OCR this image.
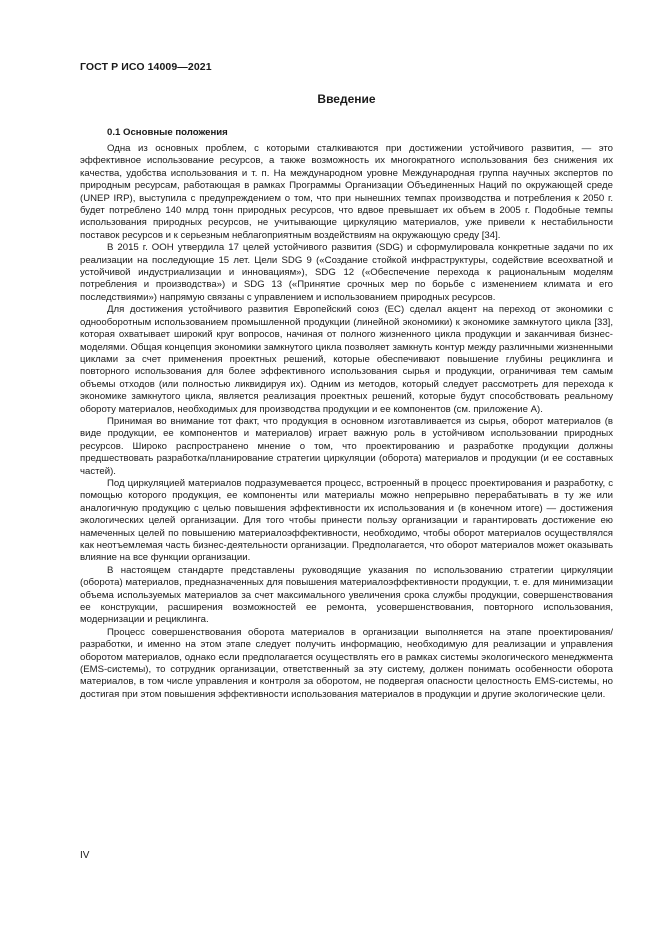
ГОСТ Р ИСО 14009—2021
Введение
0.1 Основные положения

Одна из основных проблем, с которыми сталкиваются при достижении устойчивого развития, — это эффективное использование ресурсов, а также возможность их многократного использования без снижения их качества, удобства использования и т. п. На международном уровне Международная группа научных экспертов по природным ресурсам, работающая в рамках Программы Организации Объединенных Наций по окружающей среде (UNEP IRP), выступила с предупреждением о том, что при нынешних темпах производства и потребления к 2050 г. будет потреблено 140 млрд тонн природных ресурсов, что вдвое превышает их объем в 2005 г. Подобные темпы использования природных ресурсов, не учитывающие циркуляцию материалов, уже привели к нестабильности поставок ресурсов и к серьезным неблагоприятным воздействиям на окружающую среду [34].

В 2015 г. ООН утвердила 17 целей устойчивого развития (SDG) и сформулировала конкретные задачи по их реализации на последующие 15 лет. Цели SDG 9 («Создание стойкой инфраструктуры, содействие всеохватной и устойчивой индустриализации и инновациям»), SDG 12 («Обеспечение перехода к рациональным моделям потребления и производства») и SDG 13 («Принятие срочных мер по борьбе с изменением климата и его последствиями») напрямую связаны с управлением и использованием природных ресурсов.

Для достижения устойчивого развития Европейский союз (ЕС) сделал акцент на переход от экономики с однооборотным использованием промышленной продукции (линейной экономики) к экономике замкнутого цикла [33], которая охватывает широкий круг вопросов, начиная от полного жизненного цикла продукции и заканчивая бизнес-моделями. Общая концепция экономики замкнутого цикла позволяет замкнуть контур между различными жизненными циклами за счет применения проектных решений, которые обеспечивают повышение глубины рециклинга и повторного использования для более эффективного использования сырья и продукции, ограничивая тем самым объемы отходов (или полностью ликвидируя их). Одним из методов, который следует рассмотреть для перехода к экономике замкнутого цикла, является реализация проектных решений, которые будут способствовать реальному обороту материалов, необходимых для производства продукции и ее компонентов (см. приложение А).

Принимая во внимание тот факт, что продукция в основном изготавливается из сырья, оборот материалов (в виде продукции, ее компонентов и материалов) играет важную роль в устойчивом использовании природных ресурсов. Широко распространено мнение о том, что проектированию и разработке продукции должны предшествовать разработка/планирование стратегии циркуляции (оборота) материалов и продукции (и ее составных частей).

Под циркуляцией материалов подразумевается процесс, встроенный в процесс проектирования и разработку, с помощью которого продукция, ее компоненты или материалы можно непрерывно перерабатывать в ту же или аналогичную продукцию с целью повышения эффективности их использования и (в конечном итоге) — достижения экологических целей организации. Для того чтобы принести пользу организации и гарантировать достижение ею намеченных целей по повышению материалоэффективности, необходимо, чтобы оборот материалов осуществлялся как неотъемлемая часть бизнес-деятельности организации. Предполагается, что оборот материалов может оказывать влияние на все функции организации.

В настоящем стандарте представлены руководящие указания по использованию стратегии циркуляции (оборота) материалов, предназначенных для повышения материалоэффективности продукции, т. е. для минимизации объема используемых материалов за счет максимального увеличения срока службы продукции, совершенствования ее конструкции, расширения возможностей ее ремонта, усовершенствования, повторного использования, модернизации и рециклинга.

Процесс совершенствования оборота материалов в организации выполняется на этапе проектирования/разработки, и именно на этом этапе следует получить информацию, необходимую для реализации и управления оборотом материалов, однако если предполагается осуществлять его в рамках системы экологического менеджмента (EMS-системы), то сотрудник организации, ответственный за эту систему, должен понимать особенности оборота материалов, в том числе управления и контроля за оборотом, не подвергая опасности целостность EMS-системы, но достигая при этом повышения эффективности использования материалов в продукции и другие экологические цели.

IV
